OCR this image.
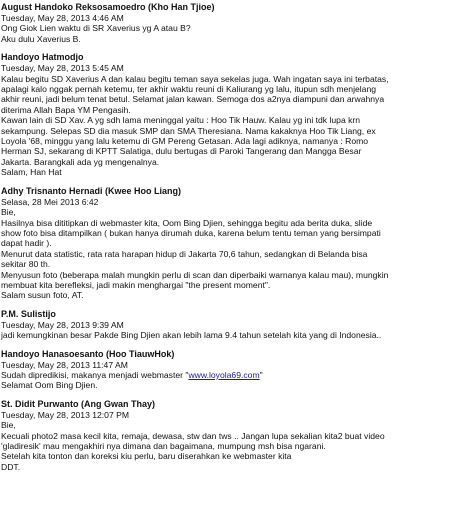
August Handoko Reksosamoedro (Kho Han Tjioe)
Tuesday, May 28, 2013 4:46 AM

Ong Giok Lien waktu di SR Xaverius yg A atau B?

Aku dulu Xaverius B.

Handoyo Hatmodjo
Tuesday, May 28, 2013 5:45 AM

Kalau begitu SD Xaverius A dan kalau begitu teman saya sekelas juga. Wah ingatan saya ini terbatas,

apalagi kalo nggak pernah ketemu, ter akhir waktu reuni di Kaliurang yg lalu, itupun sdh menjelang

akhir reuni, jadi belum tenat betul. Selamat jalan kawan. Semoga dos a2nya diampuni dan arwahnya

diterima Allah Bapa YM Pengasih.

Kawan lain di SD Xav. A yg sdh lama meninggal yaitu : Hoo Tik Hauw. Kalau yg ini tdk lupa krn

sekampung. Selepas SD dia masuk SMP dan SMA Theresiana. Nama kakaknya Hoo Tik Liang, ex

Loyola '68, minggu yang lalu ketemu di GM Pereng Getasan. Ada lagi adiknya, namanya : Romo

Herman SJ, sekarang di KPTT Salatiga, dulu bertugas di Paroki Tangerang dan Mangga Besar

Jakarta. Barangkali ada yg mengenalnya.

Salam, Han Hat

Adhy Trisnanto Hernadi (Kwee Hoo Liang)
Selasa, 28 Mei 2013 6:42

Bie,

Hasilnya bisa dititipkan di webmaster kita, Oom Bing Djien, sehingga begitu ada berita duka, slide

show foto bisa ditampilkan ( bukan hanya dirumah duka, karena belum tentu teman yang bersimpati

dapat hadir ).

Menurut data statistic, rata rata harapan hidup di Jakarta 70,6 tahun, sedangkan di Belanda bisa

sekitar 80 th.

Menyusun foto (beberapa malah mungkin perlu di scan dan diperbaiki warnanya kalau mau), mungkin

membuat kita berefleksi, jadi makin menghargai "the present moment".

Salam susun foto, AT.

P.M. Sulistijo
Tuesday, May 28, 2013 9:39 AM

jadi kemungkinan besar Pakde Bing Djien akan lebih lama 9.4 tahun setelah kita yang di Indonesia..

Handoyo Hanasoesanto (Hoo TiauwHok)
Tuesday, May 28, 2013 11:47 AM

Sudah dipredikisi, makanya menjadi webmaster "www.loyola69.com"

Selamat Oom Bing Djien.

St. Didit Purwanto (Ang Gwan Thay)
Tuesday, May 28, 2013 12:07 PM

Bie,

Kecuali photo2 masa kecil kita, remaja, dewasa, stw dan tws .. Jangan lupa sekalian kita2 buat video

'gladiresik' mau mengakhiri nya dimana dan bagaimana, mumpung msh bisa ngarani.

Setelah kita tonton dan koreksi kiu perlu, baru diserahkan ke webmaster kita

DDT.
